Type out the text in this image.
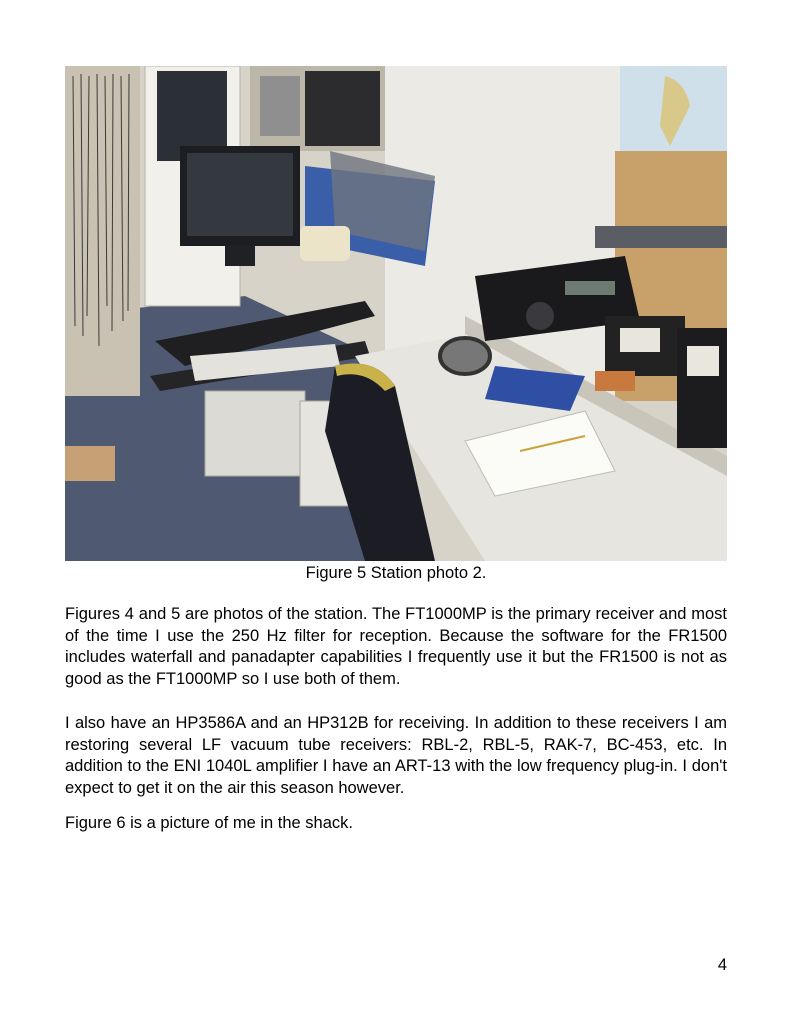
Figure 5 Station photo 2.

Figures 4 and 5 are photos of the station. The FT1000MP is the primary receiver and most of the time I use the 250 Hz filter for reception. Because the software for the FR1500 includes waterfall and panadapter capabilities I frequently use it but the FR1500 is not as good as the FT1000MP so I use both of them.

I also have an HP3586A and an HP312B for receiving. In addition to these receivers I am restoring several LF vacuum tube receivers: RBL-2, RBL-5, RAK-7, BC-453, etc. In addition to the ENI 1040L amplifier I have an ART-13 with the low frequency plug-in. I don't expect to get it on the air this season however.

Figure 6 is a picture of me in the shack.

4
